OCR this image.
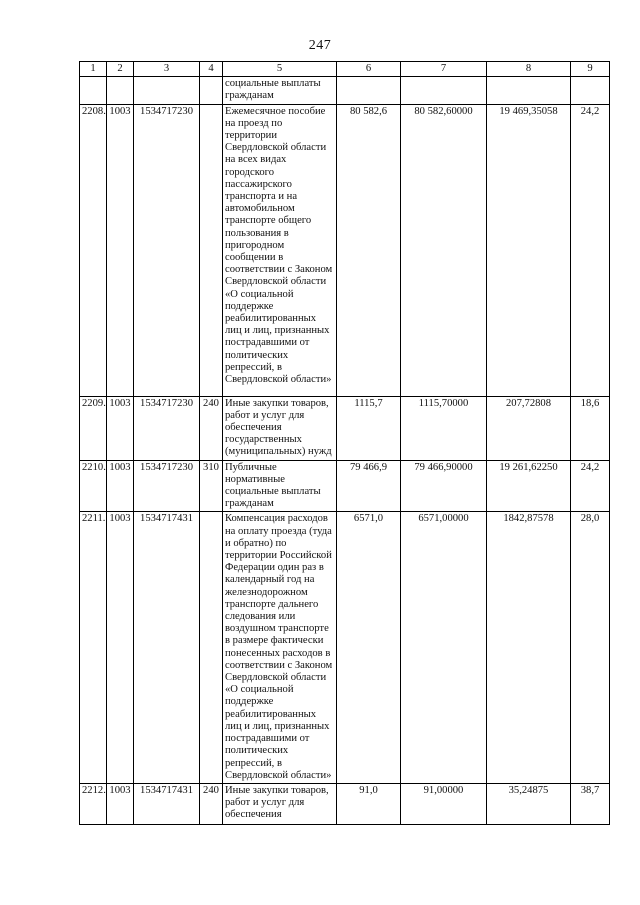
247
1	2	3	4	5	6	7	8	9
				социальные выплаты гражданам				
2208.	1003	1534717230		Ежемесячное пособие на проезд по территории Свердловской области на всех видах городского пассажирского транспорта и на автомобильном транспорте общего пользования в пригородном сообщении в соответствии с Законом Свердловской области «О социальной поддержке реабилитированных лиц и лиц, признанных пострадавшими от политических репрессий, в Свердловской области»	80 582,6	80 582,60000	19 469,35058	24,2
2209.	1003	1534717230	240	Иные закупки товаров, работ и услуг для обеспечения государственных (муниципальных) нужд	1115,7	1115,70000	207,72808	18,6
2210.	1003	1534717230	310	Публичные нормативные социальные выплаты гражданам	79 466,9	79 466,90000	19 261,62250	24,2
2211.	1003	1534717431		Компенсация расходов на оплату проезда (туда и обратно) по территории Российской Федерации один раз в календарный год на железнодорожном транспорте дальнего следования или воздушном транспорте в размере фактически понесенных расходов в соответствии с Законом Свердловской области «О социальной поддержке реабилитированных лиц и лиц, признанных пострадавшими от политических репрессий, в Свердловской области»	6571,0	6571,00000	1842,87578	28,0
2212.	1003	1534717431	240	Иные закупки товаров, работ и услуг для обеспечения	91,0	91,00000	35,24875	38,7
